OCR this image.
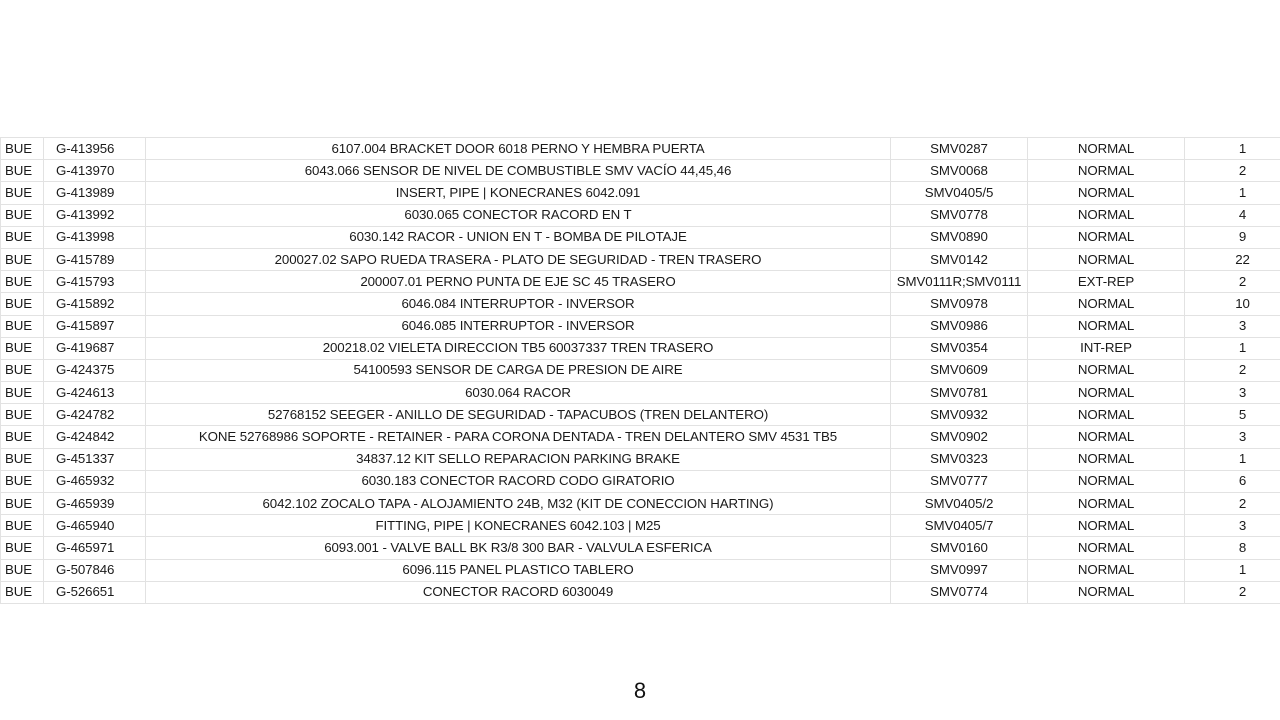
BUE	G-413956	6107.004 BRACKET DOOR 6018 PERNO Y HEMBRA PUERTA	SMV0287	NORMAL	1
BUE	G-413970	6043.066 SENSOR DE NIVEL DE COMBUSTIBLE SMV VACÍO 44,45,46	SMV0068	NORMAL	2
BUE	G-413989	INSERT, PIPE | KONECRANES 6042.091	SMV0405/5	NORMAL	1
BUE	G-413992	6030.065 CONECTOR RACORD EN T	SMV0778	NORMAL	4
BUE	G-413998	6030.142 RACOR - UNION EN T - BOMBA DE PILOTAJE	SMV0890	NORMAL	9
BUE	G-415789	200027.02 SAPO RUEDA TRASERA - PLATO DE SEGURIDAD - TREN TRASERO	SMV0142	NORMAL	22
BUE	G-415793	200007.01 PERNO PUNTA DE EJE SC 45 TRASERO	SMV0111R;SMV0111	EXT-REP	2
BUE	G-415892	6046.084 INTERRUPTOR - INVERSOR	SMV0978	NORMAL	10
BUE	G-415897	6046.085 INTERRUPTOR - INVERSOR	SMV0986	NORMAL	3
BUE	G-419687	200218.02 VIELETA DIRECCION TB5 60037337 TREN TRASERO	SMV0354	INT-REP	1
BUE	G-424375	54100593 SENSOR DE CARGA DE PRESION DE AIRE	SMV0609	NORMAL	2
BUE	G-424613	6030.064 RACOR	SMV0781	NORMAL	3
BUE	G-424782	52768152 SEEGER - ANILLO DE SEGURIDAD - TAPACUBOS (TREN DELANTERO)	SMV0932	NORMAL	5
BUE	G-424842	KONE 52768986 SOPORTE - RETAINER - PARA CORONA DENTADA - TREN DELANTERO SMV 4531 TB5	SMV0902	NORMAL	3
BUE	G-451337	34837.12 KIT SELLO REPARACION PARKING BRAKE	SMV0323	NORMAL	1
BUE	G-465932	6030.183 CONECTOR RACORD CODO GIRATORIO	SMV0777	NORMAL	6
BUE	G-465939	6042.102 ZOCALO TAPA - ALOJAMIENTO 24B, M32 (KIT DE CONECCION HARTING)	SMV0405/2	NORMAL	2
BUE	G-465940	FITTING, PIPE | KONECRANES 6042.103 | M25	SMV0405/7	NORMAL	3
BUE	G-465971	6093.001 - VALVE BALL BK R3/8 300 BAR - VALVULA ESFERICA	SMV0160	NORMAL	8
BUE	G-507846	6096.115 PANEL PLASTICO TABLERO	SMV0997	NORMAL	1
BUE	G-526651	CONECTOR RACORD 6030049	SMV0774	NORMAL	2
8
